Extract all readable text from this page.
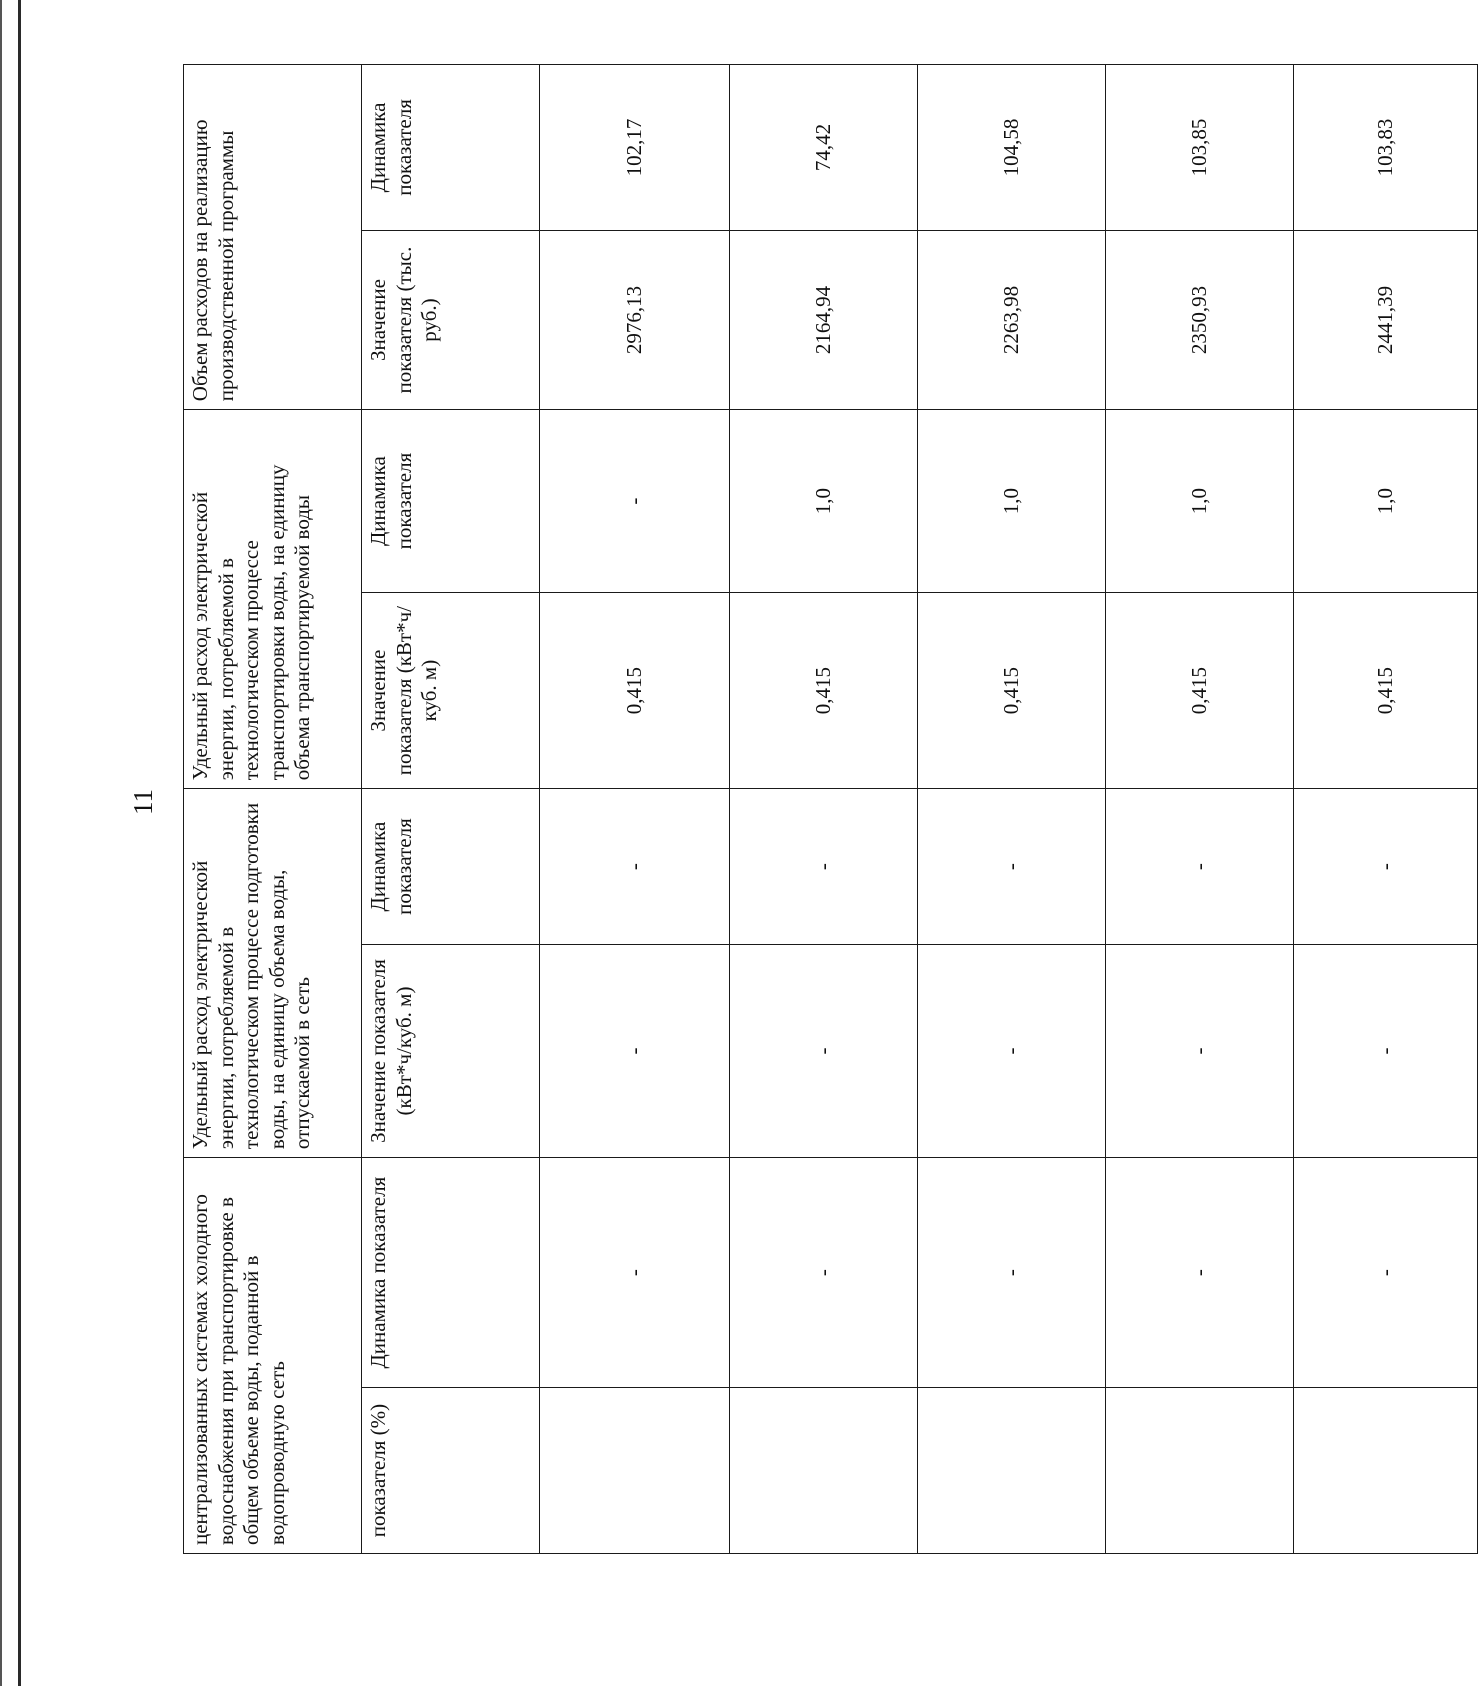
11
централизованных системах холодного водоснабжения при транспортировке в общем объеме воды, поданной в водопроводную сеть		Удельный расход электрической энергии, потребляемой в технологическом процессе подготовки воды, на единицу объема воды, отпускаемой в сеть		Удельный расход электрической энергии, потребляемой в технологическом процессе транспортировки воды, на единицу объема транспортируемой воды		Объем расходов на реализацию производственной программы	
показателя (%)	Динамика показателя	Значение показателя (кВт*ч/куб. м)	Динамика показателя	Значение показателя (кВт*ч/куб. м)	Динамика показателя	Значение показателя (тыс. руб.)	Динамика показателя
	-	-	-	0,415	-	2976,13	102,17
	-	-	-	0,415	1,0	2164,94	74,42
	-	-	-	0,415	1,0	2263,98	104,58
	-	-	-	0,415	1,0	2350,93	103,85
	-	-	-	0,415	1,0	2441,39	103,83
